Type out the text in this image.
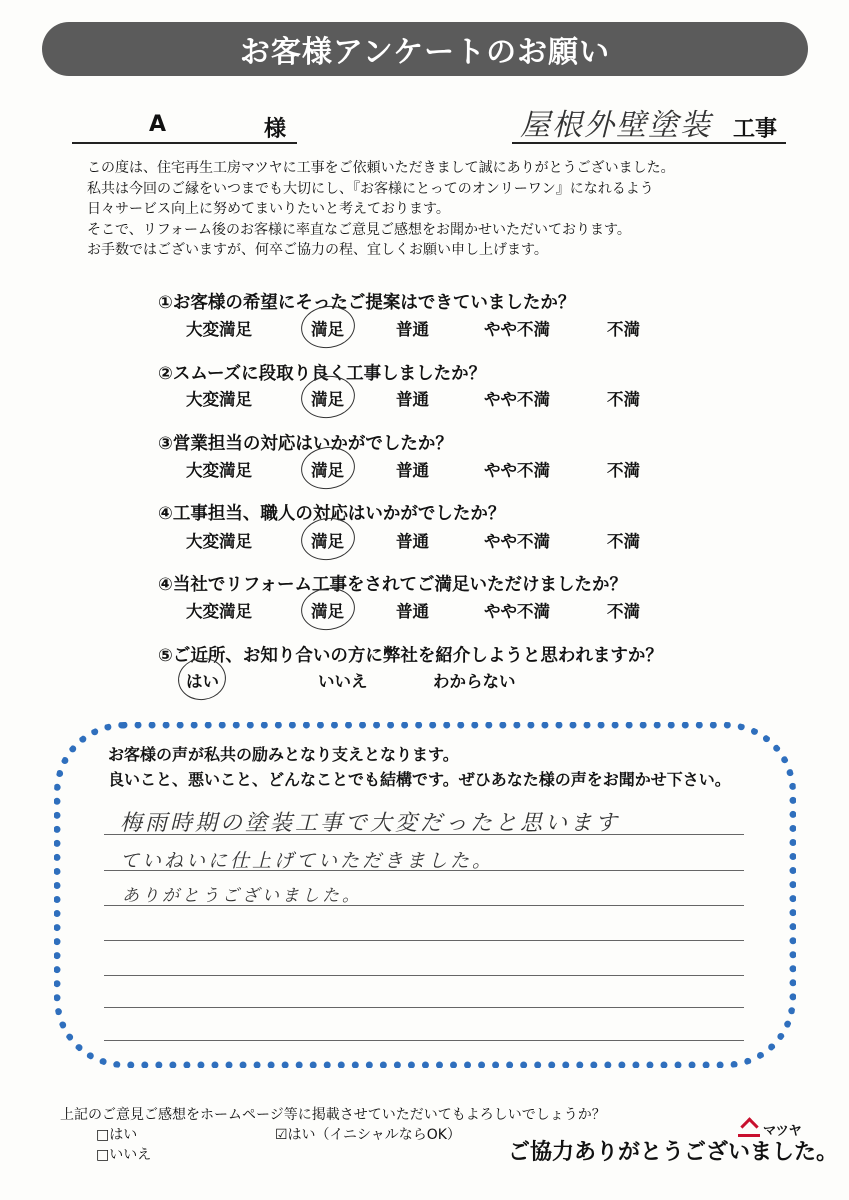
お客様アンケートのお願い
A	様	屋根外壁塗装 工事
この度は、住宅再生工房マツヤに工事をご依頼いただきまして誠にありがとうございました。
私共は今回のご縁をいつまでも大切にし、『お客様にとってのオンリーワン』になれるよう
日々サービス向上に努めてまいりたいと考えております。
そこで、リフォーム後のお客様に率直なご意見ご感想をお聞かせいただいております。
お手数ではございますが、何卒ご協力の程、宜しくお願い申し上げます。
①お客様の希望にそったご提案はできていましたか？
大変満足	満足	普通	やや不満	不満
②スムーズに段取り良く工事しましたか？
大変満足	満足	普通	やや不満	不満
③営業担当の対応はいかがでしたか？
大変満足	満足	普通	やや不満	不満
④工事担当、職人の対応はいかがでしたか？
大変満足	満足	普通	やや不満	不満
④当社でリフォーム工事をされてご満足いただけましたか？
大変満足	満足	普通	やや不満	不満
⑤ご近所、お知り合いの方に弊社を紹介しようと思われますか？
はい	いいえ	わからない
お客様の声が私共の励みとなり支えとなります。
良いこと、悪いこと、どんなことでも結構です。ぜひあなた様の声をお聞かせ下さい。
梅雨時期の塗装工事で大変だったと思います
ていねいに仕上げていただきました。
ありがとうございました。
上記のご意見ご感想をホームページ等に掲載させていただいてもよろしいでしょうか？
□はい
□いいえ
☑はい（イニシャルならOK）	マツヤ
ご協力ありがとうございました。
